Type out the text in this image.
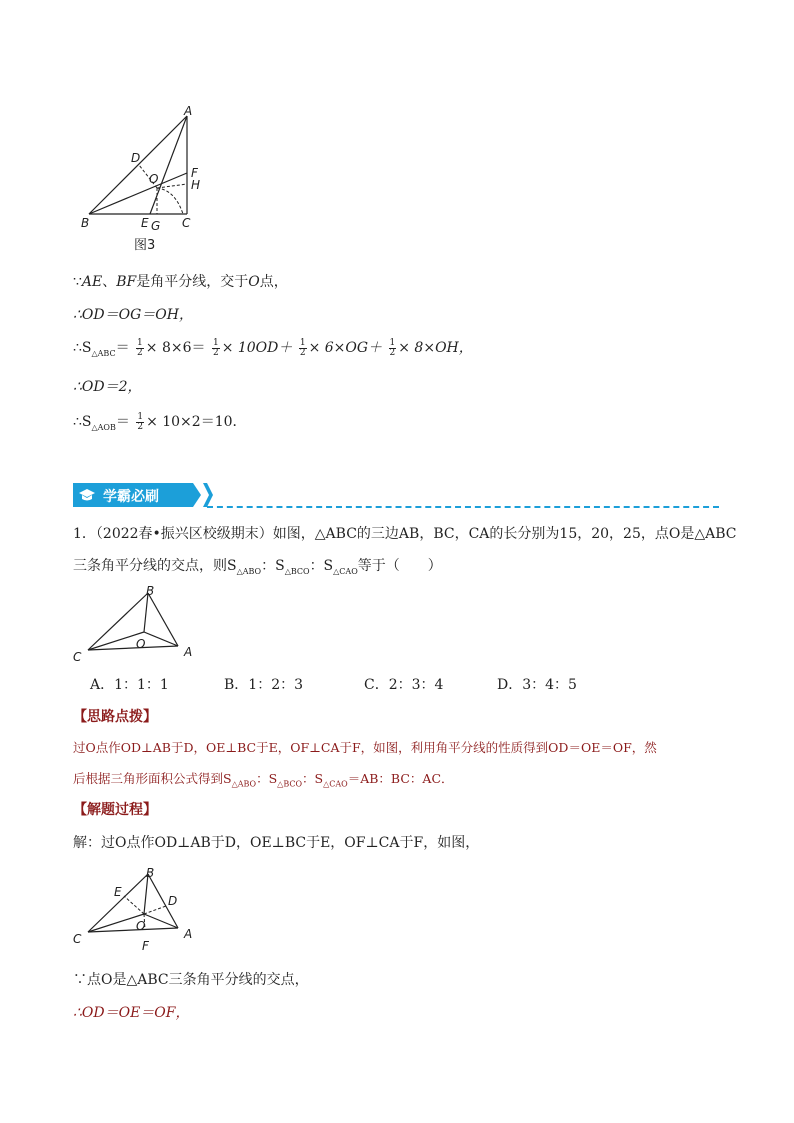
A
D
O	F
H
B	E G C
图3
∵AE、BF是角平分线，交于O点，
∴OD＝OG＝OH，
$\therefore S_{\triangle ABC}= \frac{1}{2} \times 8\times 6= \frac{1}{2} \times 10OD+ \frac{1}{2} \times 6\times OG+ \frac{1}{2} \times 8\times OH$，
∴OD＝2，
$\therefore S_{\triangle AOB}= \frac{1}{2} \times 10\times 2=10$．
学霸必刷
1．（2022春•振兴区校级期末）如图，△ABC的三边AB，BC，CA的长分别为15，20，25，点O是△ABC
三条角平分线的交点，则$S_{\triangle ABO}$：$S_{\triangle BCO}$：$S_{\triangle CAO}$等于（　　）
B
C
O
A
A．1：1：1	B．1：2：3	C．2：3：4	D．3：4：5
【思路点拨】
过O点作OD⊥AB于D，OE⊥BC于E，OF⊥CA于F，如图，利用角平分线的性质得到OD＝OE＝OF，然
后根据三角形面积公式得到$S_{\triangle ABO}$：$S_{\triangle BCO}$：$S_{\triangle CAO}=AB$：BC：AC．
【解题过程】
解：过O点作OD⊥AB于D，OE⊥BC于E，OF⊥CA于F，如图，
B
E
D
C
O
A
F
∵点O是△ABC三条角平分线的交点，
∴OD＝OE＝OF，
